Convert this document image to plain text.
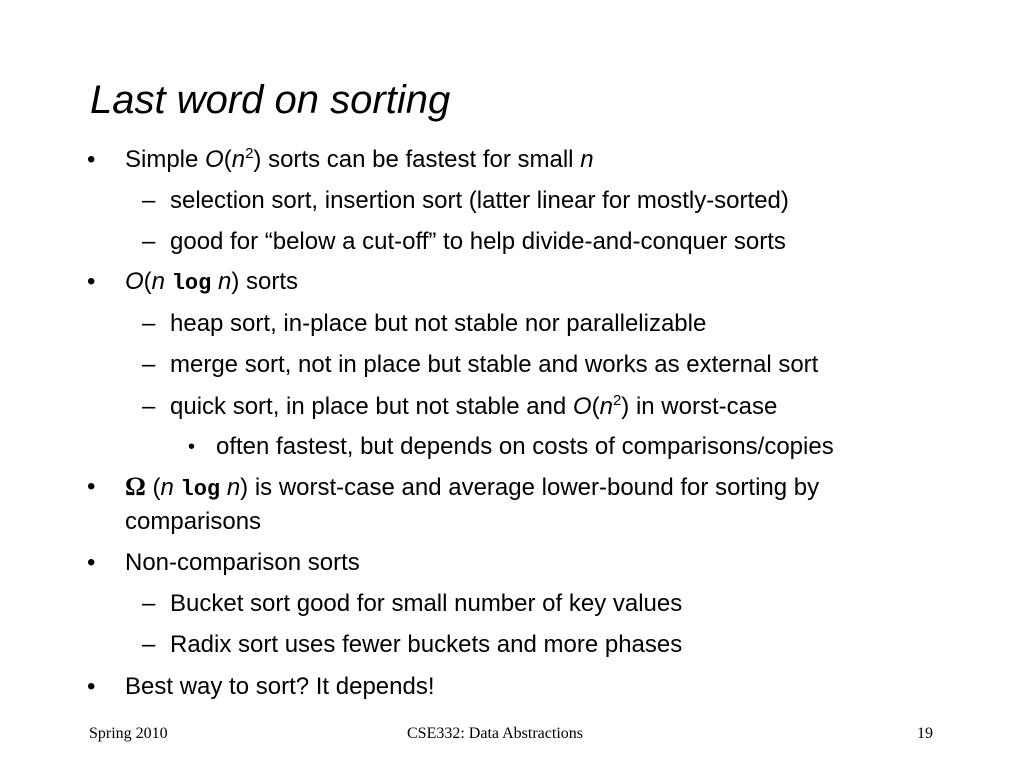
Last word on sorting
• Simple $O(n^2)$ sorts can be fastest for small n
– selection sort, insertion sort (latter linear for mostly-sorted)
– good for “below a cut-off” to help divide-and-conquer sorts
• O(n log n) sorts
– heap sort, in-place but not stable nor parallelizable
– merge sort, not in place but stable and works as external sort
– quick sort, in place but not stable and $O(n^2)$ in worst-case
• often fastest, but depends on costs of comparisons/copies
• Ω (n log n) is worst-case and average lower-bound for sorting by
comparisons
• Non-comparison sorts
– Bucket sort good for small number of key values
– Radix sort uses fewer buckets and more phases
• Best way to sort? It depends!
Spring 2010	CSE332: Data Abstractions	19
